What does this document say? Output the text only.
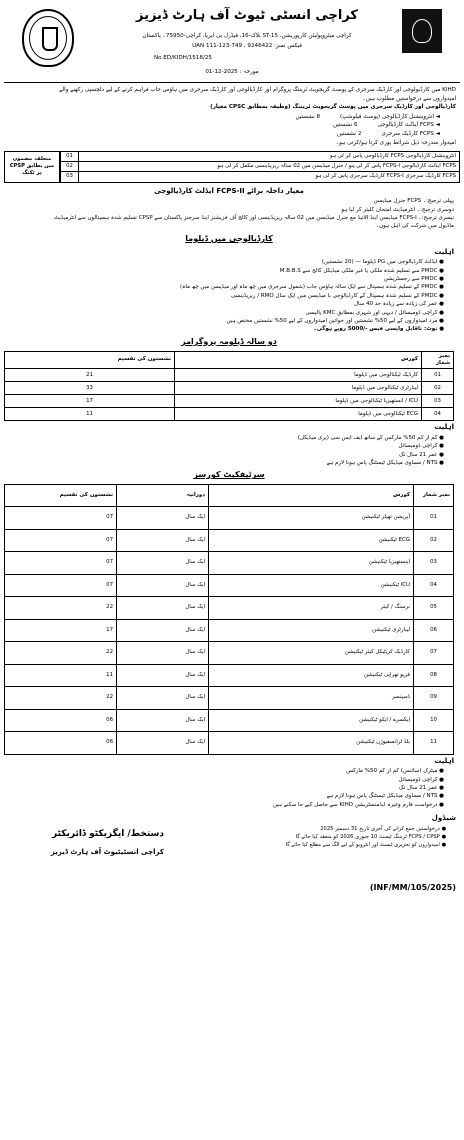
کراچی انسٹی ٹیوٹ آف ہارٹ ڈیزیز
کراچی میٹروپولیٹن کارپوریشن، ST-15 بلاک-16، فیڈرل بی ایریا، کراچی-75950۔ پاکستان
فیکس نمبر: 9246422 ، UAN 111-123-749
No.ED/KIDH/1518/25
01-12-2025 : مورخہ

KIHD میں کارڈیولوجی اور کارڈیک سرجری کے پوسٹ گریجویٹ ٹریننگ پروگرام اور کارڈیالوجی اور کارڈیک سرجری میں ہاؤس جاب فراہم کرنے کے لیے دلچسپی رکھنے والے

امیدواروں سے درخواستیں مطلوب ہیں۔

کارڈیالوجی اور کارڈیک سرجری میں پوسٹ گریجویٹ ٹریننگ (وظیفہ بمطابق CPSC معیار)

◄ انٹروینشنل کارڈیالوجی (پوسٹ فیلوشپ)8 نشستیں
◄ FCPS ایڈلٹ کارڈیالوجی6 نشستیں
◄ FCPS کارڈیک سرجری2 نشستیں

امیدوار مندرجہ ذیل شرائط پوری کرتا ہو/کرتی ہو۔

متعلقہ مضمون میں بطابق CPSP پر ٹکنگ
انٹروینشنل کارڈیالوجی FCPS کارڈیالوجی پاس کر لی ہو	01
FCPS ایڈلٹ کارڈیالوجی FCPS-I پاس کر لی ہو / جنرل میڈیسن میں 02 سالہ ریزیڈینسی مکمل کر لی ہو	02
FCPS کارڈیک سرجری FCPS-I کارڈیک سرجری پاس کر لی ہو	03
معیار داخلہ برائے FCPS-II ایڈلٹ کارڈیالوجی

پہلی ترجیح:۔ FCPS جنرل میڈیسن

دوسری ترجیح:۔ انٹرمیڈیٹ امتحان کلیئر کر لیا ہو

تیسری ترجیح:۔ FCPS-I میڈیسن اینڈ الائیڈ مع جنرل میڈیسن میں 02 سالہ ریزیڈینسی اور کالج آف فزیشنز اینڈ سرجنز پاکستان سے CPSP تسلیم شدہ ہسپتالوں سے انٹرمیڈیٹ

ماڈیول میں شرکت کی اہل ہوں۔

کارڈیالوجی میں ڈپلوما
اہلیت
● ایڈلٹ کارڈیالوجی میں PG ڈپلوما — (20 نشستیں)
● PMDC سے تسلیم شدہ ملکی یا غیر ملکی میڈیکل کالج سے M.B.B.S
● PMDC سے رجسٹریشن
● PMDC کے تسلیم شدہ ہسپتال سے ایک سالہ ہاؤس جاب (شمول سرجری میں چھ ماہ اور میڈیسن میں چھ ماہ)
● PMDC کے تسلیم شدہ ہسپتال کے کارڈیالوجی یا میڈیسن میں ایک سال RMO / ریزیڈینسی
● عمر کی زیادہ سے زیادہ حد 40 سال
● کراچی ڈومیسائل / دیہی اور شہری بمطابق KMC پالیسی
● مرد امیدواروں کے لیے 50% نشستیں اور خواتین امیدواروں کے لیے 50% نشستیں مختص ہیں
● نوٹ: ناقابل واپسی فیس -/5000 روپے ہوگی۔
دو سالہ ڈپلومہ پروگرامز
نمبر شمار	کورس	نشستوں کی تقسیم
01	کارڈیک ٹیکنالوجی میں ڈپلوما	21
02	لیبارٹری ٹیکنالوجی میں ڈپلوما	33
03	ICU / انستھیزیا ٹیکنالوجی میں ڈپلوما	17
04	ECG ٹیکنالوجی میں ڈپلوما	11
اہلیت
● کم از کم 50% مارکس کے ساتھ ایف ایس سی (پری میڈیکل)
● کراچی ڈومیسائل
● عمر 21 سال تک
● NTS / مساوی میڈیکل ٹیسٹنگ پاس ہونا لازم ہے
سرٹیفکیٹ کورسز
نمبر شمار	کورس	دورانیہ	نشستوں کی تقسیم
01	آپریشن تھیٹر ٹیکنیشن	ایک سال	07
02	ECG ٹیکنیشن	ایک سال	07
03	اینستھیزیا ٹیکنیشن	ایک سال	07
04	ICU ٹیکنیشن	ایک سال	07
05	نرسنگ / کیئر	ایک سال	22
06	لیبارٹری ٹیکنیشن	ایک سال	17
07	کارڈیک کریٹیکل کیئر ٹیکنیشن	ایک سال	22
08	فزیو تھراپی ٹیکنیشن	ایک سال	11
09	ڈسپنسر	ایک سال	22
10	ایکسرے / ایکو ٹیکنیشن	ایک سال	06
11	بلڈ ٹرانسفیوژن ٹیکنیشن	ایک سال	06
اہلیت
● میٹرک (سائنس) کم از کم 50% مارکس
● کراچی ڈومیسائل
● عمر 21 سال تک
● NTS / مساوی میڈیکل ٹیسٹنگ پاس ہونا لازم ہے
● درخواست فارم وغیرہ ایڈمنسٹریشن KIHD سے حاصل کیے جا سکتے ہیں
شیڈول
● درخواستیں جمع کرانے کی آخری تاریخ 31 دسمبر 2025
● FCPS / CPSP ٹریننگ ٹیسٹ 10 جنوری 2026 کو منعقد کیا جائے گا
● امیدواروں کو تحریری ٹیسٹ اور انٹرویو کے لیے الگ سے مطلع کیا جائے گا
دستخط/ ایگزیکٹو ڈائریکٹر
کراچی انسٹیٹیوٹ آف ہارٹ ڈیزیز
(INF/MM/105/2025)
